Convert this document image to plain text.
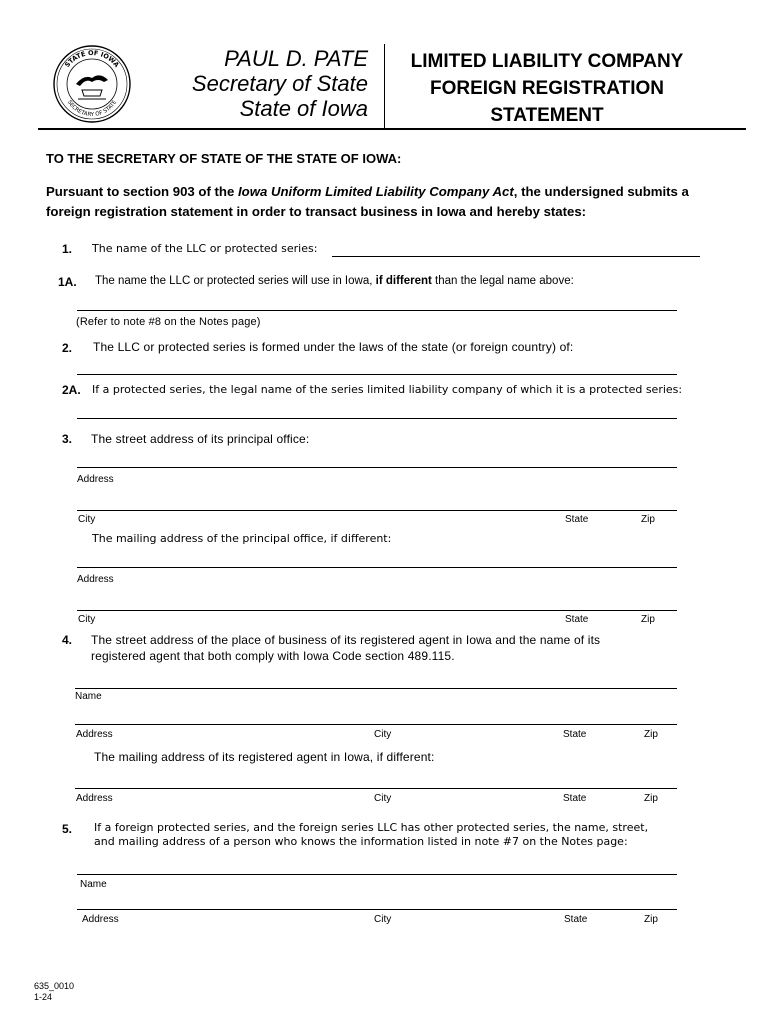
STATE OF IOWA
SECRETARY OF STATE
PAUL D. PATE
Secretary of State
State of Iowa
LIMITED LIABILITY COMPANY
FOREIGN REGISTRATION
STATEMENT
TO THE SECRETARY OF STATE OF THE STATE OF IOWA:
Pursuant to section 903 of the Iowa Uniform Limited Liability Company Act, the undersigned submits a foreign registration statement in order to transact business in Iowa and hereby states:
1. The name of the LLC or protected series:
1A. The name the LLC or protected series will use in Iowa, if different than the legal name above:
(Refer to note #8 on the Notes page)
2. The LLC or protected series is formed under the laws of the state (or foreign country) of:
2A. If a protected series, the legal name of the series limited liability company of which it is a protected series:
3. The street address of its principal office:
Address
City	State	Zip
The mailing address of the principal office, if different:
Address
City	State	Zip
4. The street address of the place of business of its registered agent in Iowa and the name of its
registered agent that both comply with Iowa Code section 489.115.
Name
Address	City	State	Zip
The mailing address of its registered agent in Iowa, if different:
Address	City	State	Zip
5. If a foreign protected series, and the foreign series LLC has other protected series, the name, street,
and mailing address of a person who knows the information listed in note #7 on the Notes page:
Name
Address	City	State	Zip
635_0010
1-24
